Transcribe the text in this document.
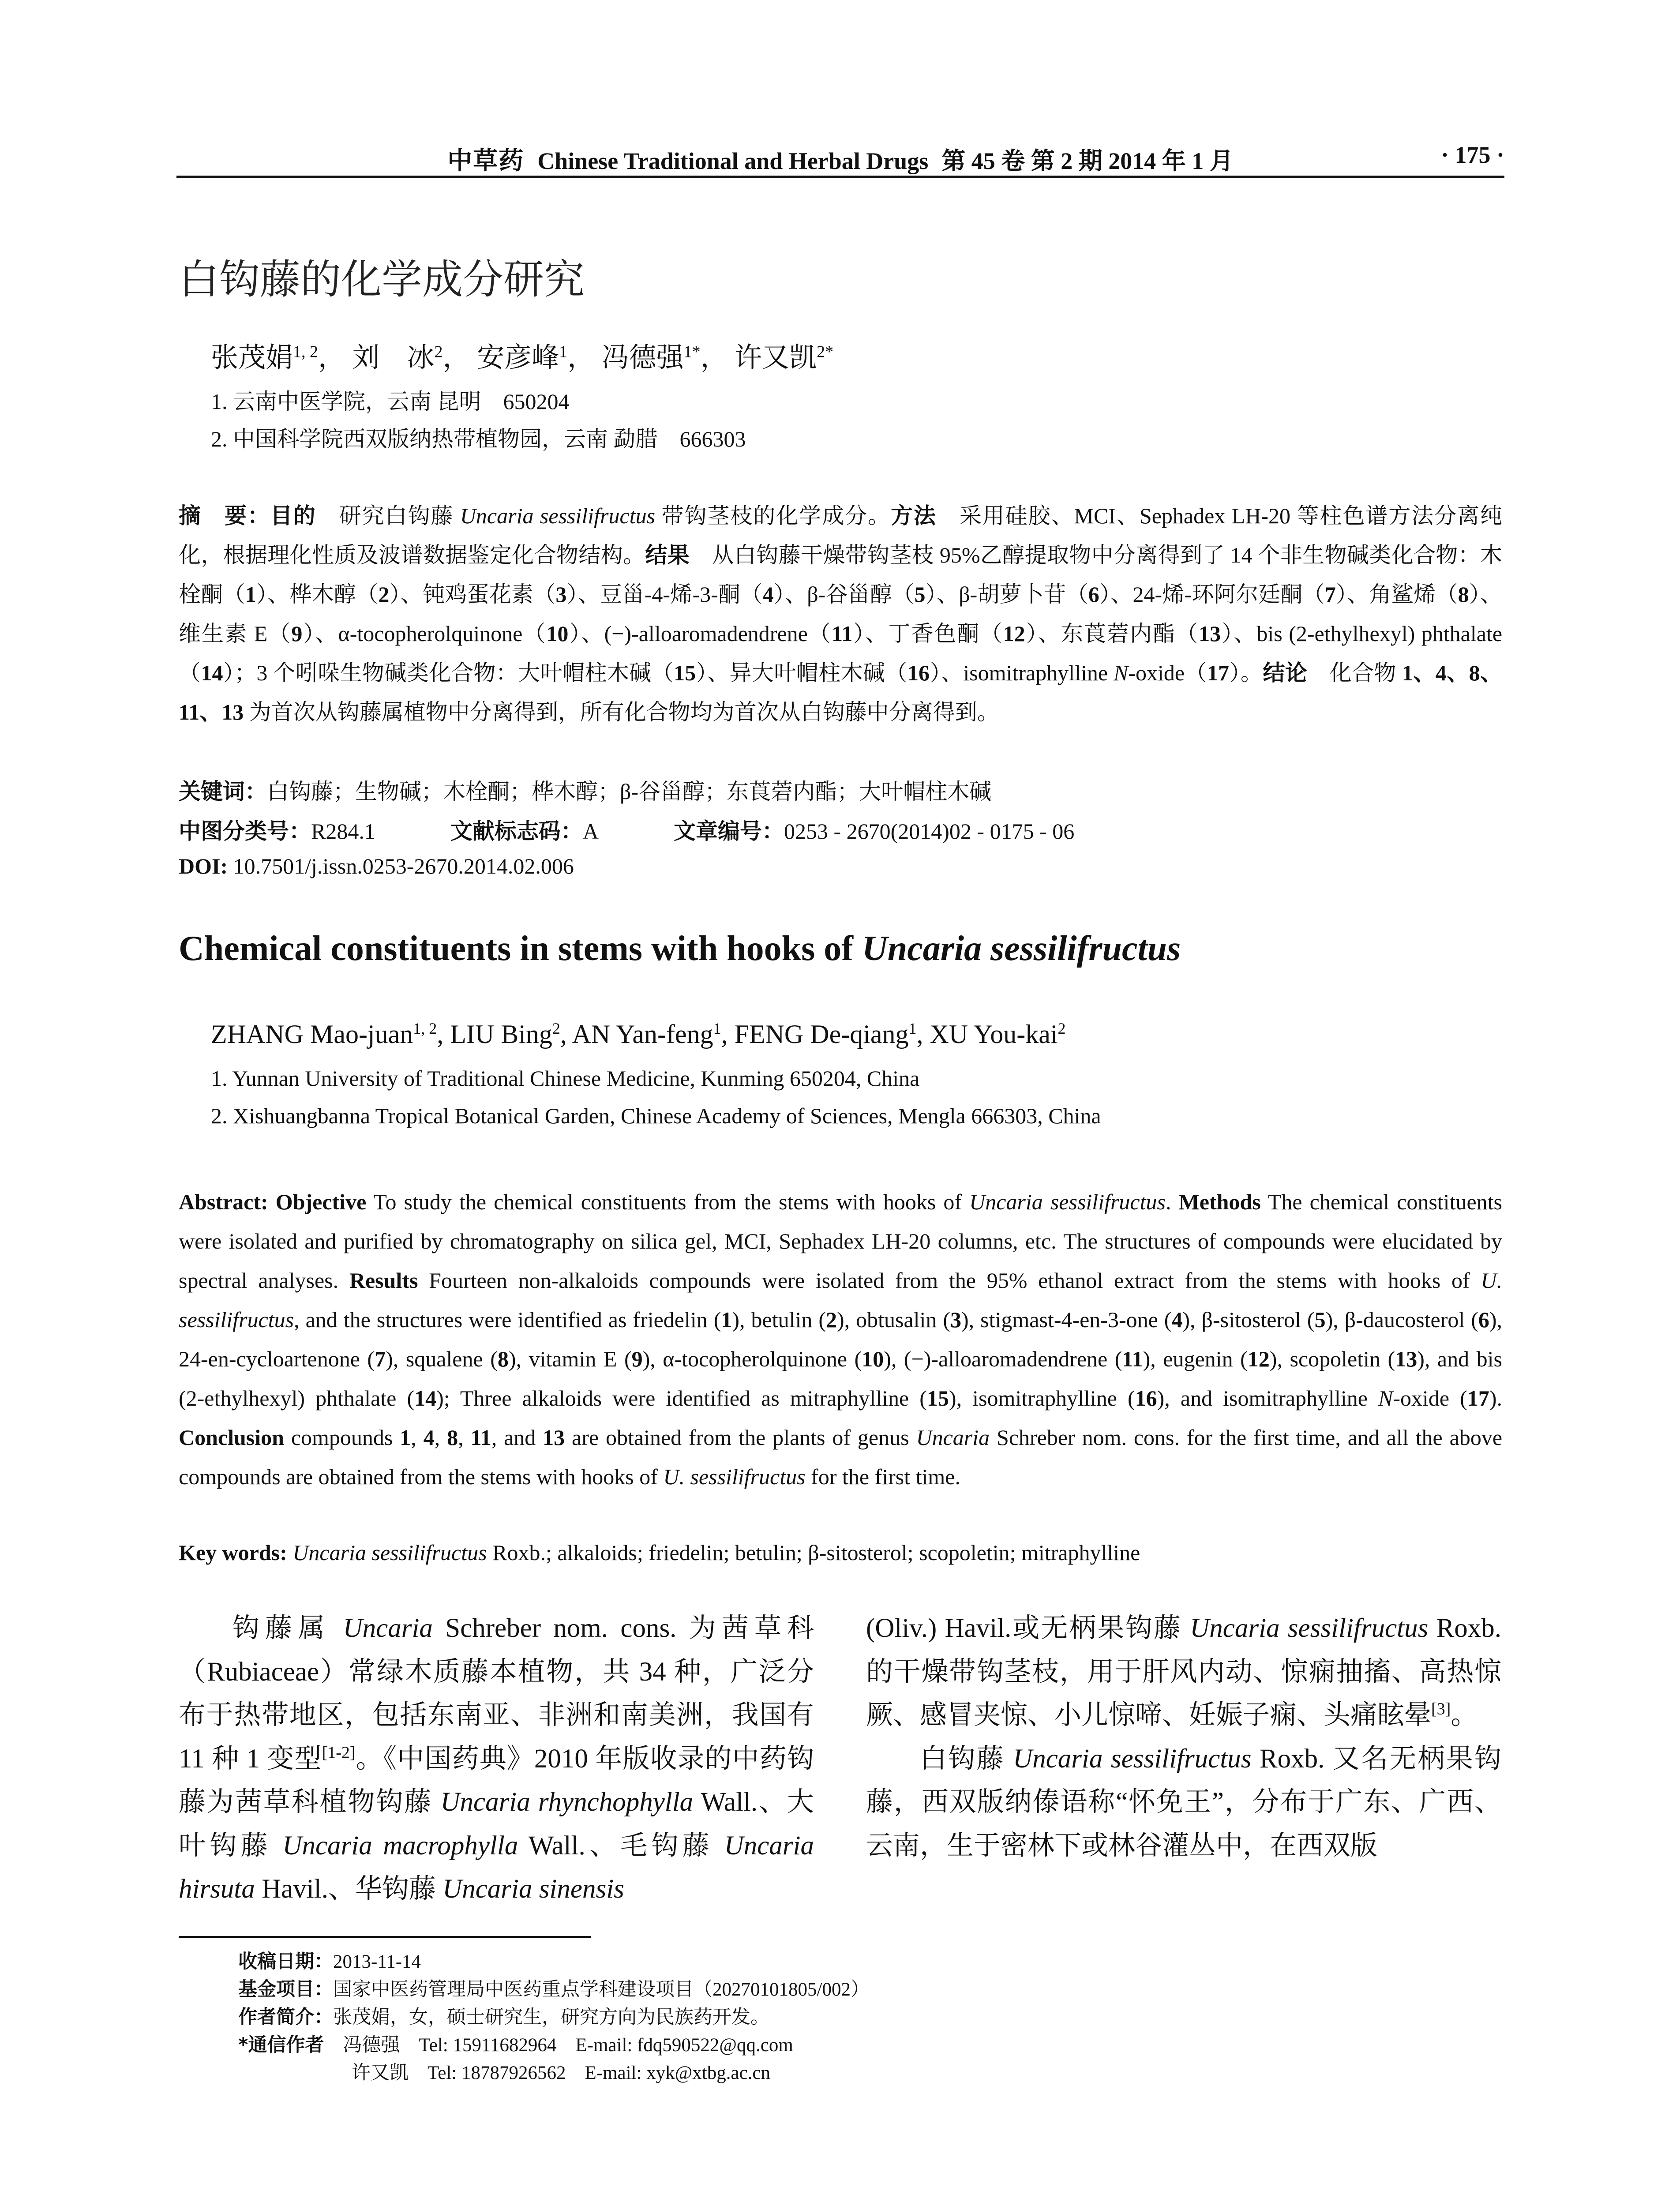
中草药 Chinese Traditional and Herbal Drugs 第 45 卷 第 2 期 2014 年 1 月	· 175 ·
白钩藤的化学成分研究
张茂娟$^{1, 2}$， 刘　冰$^2$， 安彦峰$^1$， 冯德强$^{1*}$， 许又凯$^{2*}$
1. 云南中医学院，云南 昆明　650204
2. 中国科学院西双版纳热带植物园，云南 勐腊　666303
摘　要：目的　研究白钩藤 Uncaria sessilifructus 带钩茎枝的化学成分。方法　采用硅胶、MCI、Sephadex LH-20 等柱色谱方法分离纯化，根据理化性质及波谱数据鉴定化合物结构。结果　从白钩藤干燥带钩茎枝 95%乙醇提取物中分离得到了 14 个非生物碱类化合物：木栓酮（1）、桦木醇（2）、钝鸡蛋花素（3）、豆甾-4-烯-3-酮（4）、β-谷甾醇（5）、β-胡萝卜苷（6）、24-烯-环阿尔廷酮（7）、角鲨烯（8）、维生素 E（9）、α-tocopherolquinone（10）、(−)-alloaromadendrene（11）、丁香色酮（12）、东莨菪内酯（13）、bis (2-ethylhexyl) phthalate（14）；3 个吲哚生物碱类化合物：大叶帽柱木碱（15）、异大叶帽柱木碱（16）、isomitraphylline N-oxide（17）。结论　化合物 1、4、8、11、13 为首次从钩藤属植物中分离得到，所有化合物均为首次从白钩藤中分离得到。
关键词：白钩藤；生物碱；木栓酮；桦木醇；β-谷甾醇；东莨菪内酯；大叶帽柱木碱
中图分类号：R284.1	文献标志码：A	文章编号：0253 - 2670(2014)02 - 0175 - 06
DOI: 10.7501/j.issn.0253-2670.2014.02.006
Chemical constituents in stems with hooks of Uncaria sessilifructus
ZHANG Mao-juan$^{1, 2}$, LIU Bing$^2$, AN Yan-feng$^1$, FENG De-qiang$^1$, XU You-kai$^2$
1. Yunnan University of Traditional Chinese Medicine, Kunming 650204, China
2. Xishuangbanna Tropical Botanical Garden, Chinese Academy of Sciences, Mengla 666303, China
Abstract: Objective To study the chemical constituents from the stems with hooks of Uncaria sessilifructus. Methods The chemical constituents were isolated and purified by chromatography on silica gel, MCI, Sephadex LH-20 columns, etc. The structures of compounds were elucidated by spectral analyses. Results Fourteen non-alkaloids compounds were isolated from the 95% ethanol extract from the stems with hooks of U. sessilifructus, and the structures were identified as friedelin (1), betulin (2), obtusalin (3), stigmast-4-en-3-one (4), β-sitosterol (5), β-daucosterol (6), 24-en-cycloartenone (7), squalene (8), vitamin E (9), α-tocopherolquinone (10), (−)-alloaromadendrene (11), eugenin (12), scopoletin (13), and bis (2-ethylhexyl) phthalate (14); Three alkaloids were identified as mitraphylline (15), isomitraphylline (16), and isomitraphylline N-oxide (17). Conclusion compounds 1, 4, 8, 11, and 13 are obtained from the plants of genus Uncaria Schreber nom. cons. for the first time, and all the above compounds are obtained from the stems with hooks of U. sessilifructus for the first time.
Key words: Uncaria sessilifructus Roxb.; alkaloids; friedelin; betulin; β-sitosterol; scopoletin; mitraphylline

钩藤属 Uncaria Schreber nom. cons. 为茜草科（Rubiaceae）常绿木质藤本植物，共 34 种，广泛分布于热带地区，包括东南亚、非洲和南美洲，我国有 11 种 1 变型[1-2]。《中国药典》2010 年版收录的中药钩藤为茜草科植物钩藤 Uncaria rhynchophylla Wall.、大叶钩藤 Uncaria macrophylla Wall.、毛钩藤 Uncaria hirsuta Havil.、华钩藤 Uncaria sinensis

(Oliv.) Havil.或无柄果钩藤 Uncaria sessilifructus Roxb. 的干燥带钩茎枝，用于肝风内动、惊痫抽搐、高热惊厥、感冒夹惊、小儿惊啼、妊娠子痫、头痛眩晕[3]。

白钩藤 Uncaria sessilifructus Roxb. 又名无柄果钩藤，西双版纳傣语称“怀免王”，分布于广东、广西、云南，生于密林下或林谷灌丛中，在西双版

收稿日期：2013-11-14
基金项目：国家中医药管理局中医药重点学科建设项目（20270101805/002）
作者简介：张茂娟，女，硕士研究生，研究方向为民族药开发。
*通信作者　冯德强　Tel: 15911682964　E-mail: fdq590522@qq.com
许又凯　Tel: 18787926562　E-mail: xyk@xtbg.ac.cn
